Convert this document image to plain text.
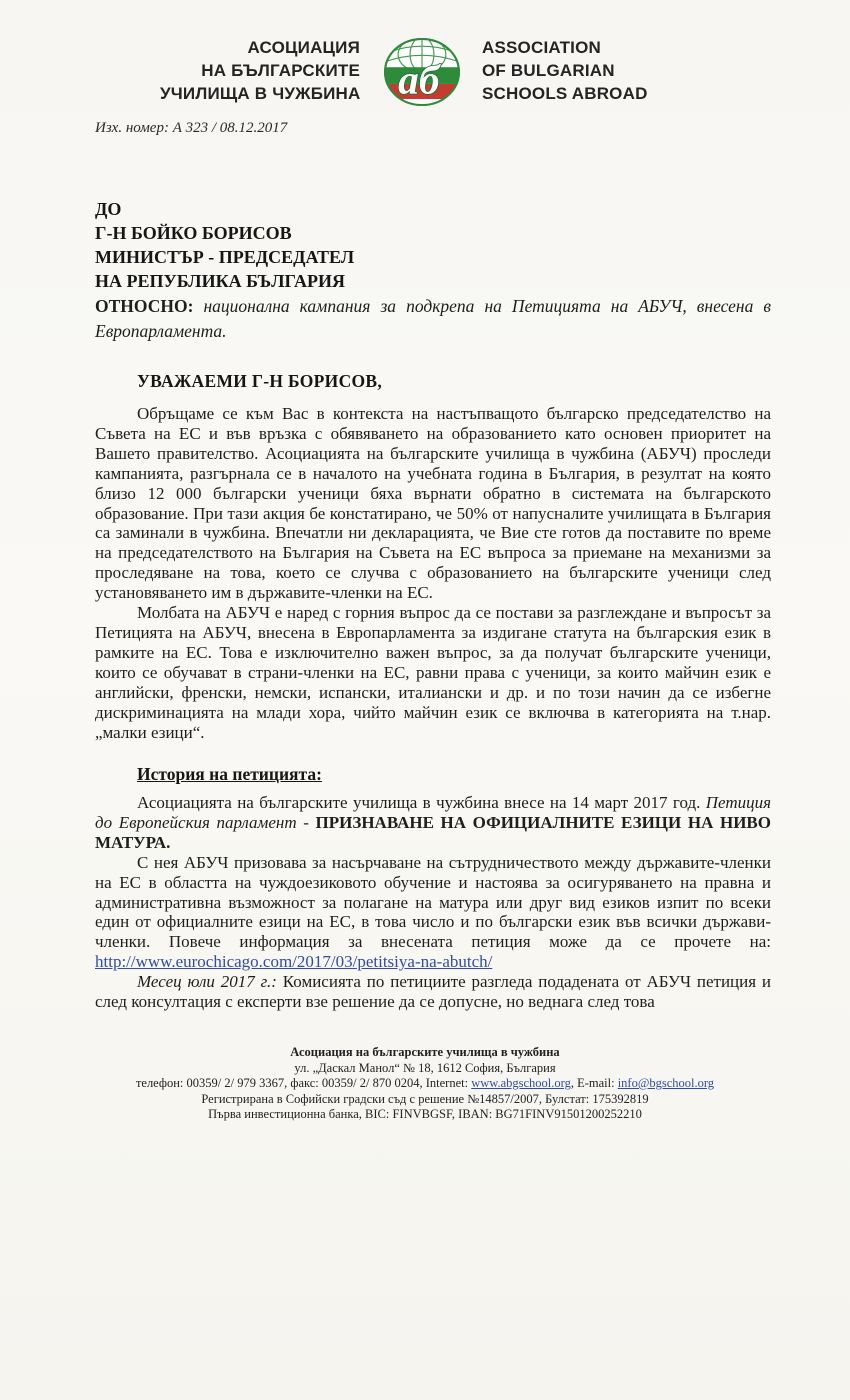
АСОЦИАЦИЯ
НА БЪЛГАРСКИТЕ
УЧИЛИЩА В ЧУЖБИНА аб
ASSOCIATION
OF BULGARIAN
SCHOOLS ABROAD
Изх. номер: А 323 / 08.12.2017
ДО
Г-Н БОЙКО БОРИСОВ
МИНИСТЪР - ПРЕДСЕДАТЕЛ
НА РЕПУБЛИКА БЪЛГАРИЯ
ОТНОСНО: национална кампания за подкрепа на Петицията на АБУЧ, внесена в Европарламента.
УВАЖАЕМИ Г-Н БОРИСОВ,

Обръщаме се към Вас в контекста на настъпващото българско председателство на Съвета на ЕС и във връзка с обявяването на образованието като основен приоритет на Вашето правителство. Асоциацията на българските училища в чужбина (АБУЧ) проследи кампанията, разгърнала се в началото на учебната година в България, в резултат на която близо 12 000 български ученици бяха върнати обратно в системата на българското образование. При тази акция бе констатирано, че 50% от напусналите училищата в България са заминали в чужбина. Впечатли ни декларацията, че Вие сте готов да поставите по време на председателството на България на Съвета на ЕС въпроса за приемане на механизми за проследяване на това, което се случва с образованието на българските ученици след установяването им в държавите-членки на ЕС.

Молбата на АБУЧ е наред с горния въпрос да се постави за разглеждане и въпросът за Петицията на АБУЧ, внесена в Европарламента за издигане статута на българския език в рамките на ЕС. Това е изключително важен въпрос, за да получат българските ученици, които се обучават в страни-членки на ЕС, равни права с ученици, за които майчин език е английски, френски, немски, испански, италиански и др. и по този начин да се избегне дискриминацията на млади хора, чийто майчин език се включва в категорията на т.нар. „малки езици“.

История на петицията:

Асоциацията на българските училища в чужбина внесе на 14 март 2017 год. Петиция до Европейския парламент - ПРИЗНАВАНЕ НА ОФИЦИАЛНИТЕ ЕЗИЦИ НА НИВО МАТУРА.

С нея АБУЧ призовава за насърчаване на сътрудничеството между държавите-членки на ЕС в областта на чуждоезиковото обучение и настоява за осигуряването на правна и административна възможност за полагане на матура или друг вид езиков изпит по всеки един от официалните езици на ЕС, в това число и по български език във всички държави-членки. Повече информация за внесената петиция може да се прочете на: http://www.eurochicago.com/2017/03/petitsiya-na-abutch/

Месец юли 2017 г.: Комисията по петициите разгледа подадената от АБУЧ петиция и след консултация с експерти взе решение да се допусне, но веднага след това

Асоциация на българските училища в чужбина
ул. „Даскал Манол“ № 18, 1612 София, България
телефон: 00359/ 2/ 979 3367, факс: 00359/ 2/ 870 0204, Internet: www.abgschool.org, E-mail: info@bgschool.org
Регистрирана в Софийски градски съд с решение №14857/2007, Булстат: 175392819
Първа инвестиционна банка, BIC: FINVBGSF, IBAN: BG71FINV91501200252210
